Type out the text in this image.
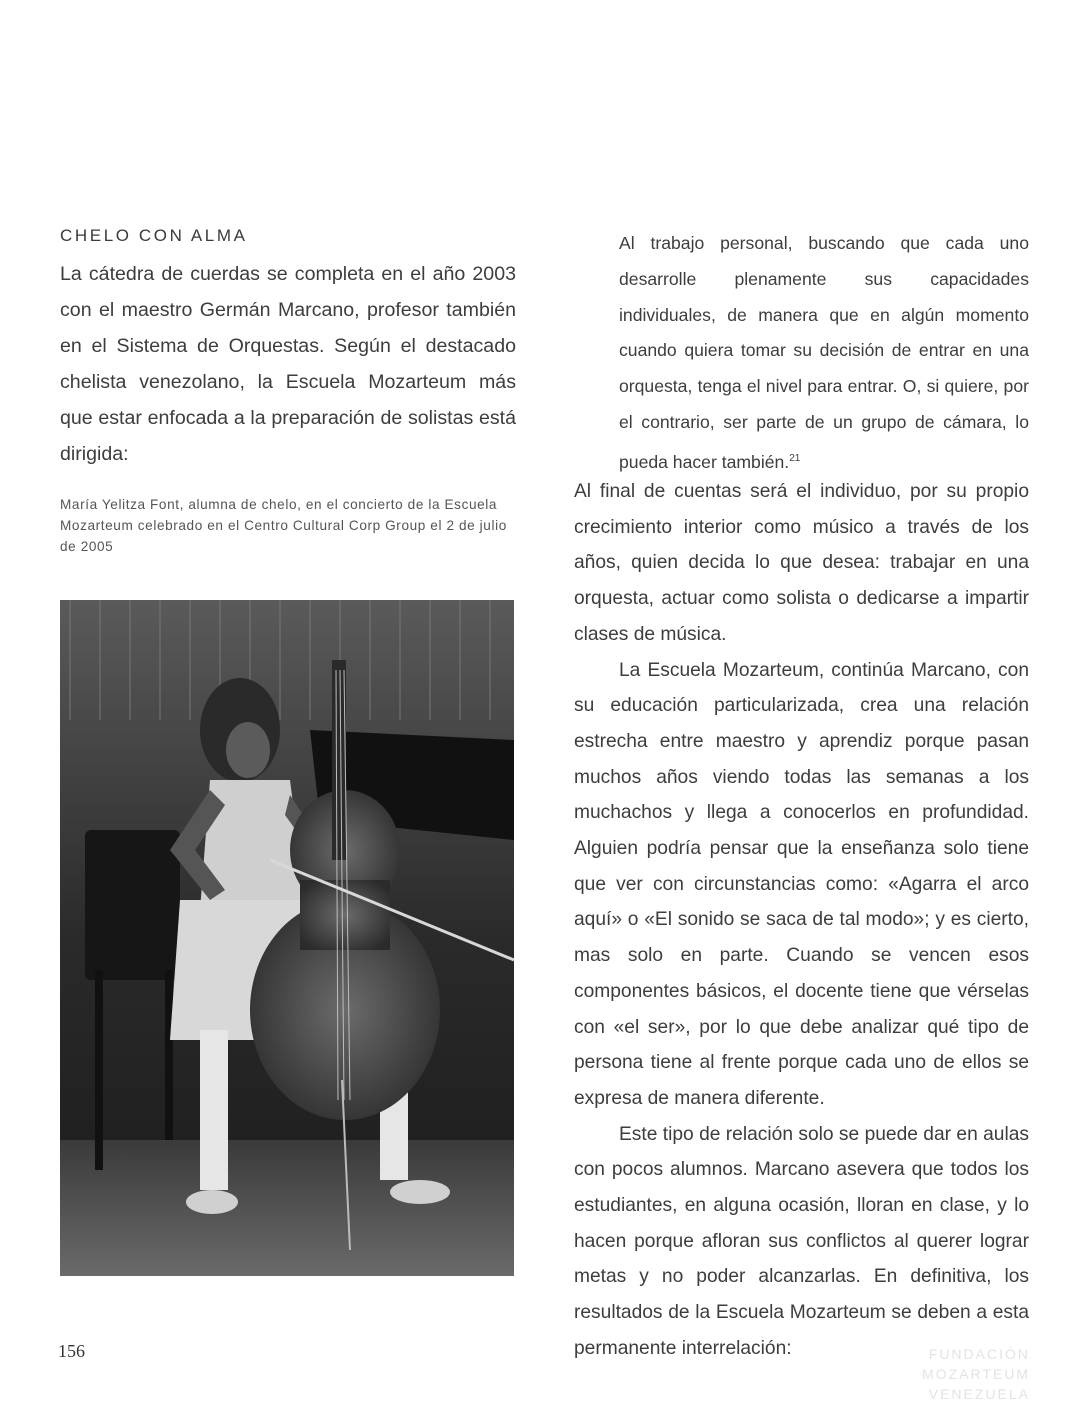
CHELO CON ALMA
La cátedra de cuerdas se completa en el año 2003 con el maestro Germán Marcano, profesor también en el Sistema de Orquestas. Según el destacado chelista venezolano, la Escuela Mozarteum más que estar enfocada a la preparación de solistas está dirigida:
Al trabajo personal, buscando que cada uno desarrolle plenamente sus capacidades individuales, de manera que en algún momento cuando quiera tomar su decisión de entrar en una orquesta, tenga el nivel para entrar. O, si quiere, por el contrario, ser parte de un grupo de cámara, lo pueda hacer también.$^{21}$
María Yelitza Font, alumna de chelo, en el concierto de la Escuela Mozarteum celebrado en el Centro Cultural Corp Group el 2 de julio de 2005

Al final de cuentas será el individuo, por su propio crecimiento interior como músico a través de los años, quien decida lo que desea: trabajar en una orquesta, actuar como solista o dedicarse a impartir clases de música.

La Escuela Mozarteum, continúa Marcano, con su educación particularizada, crea una relación estrecha entre maestro y aprendiz porque pasan muchos años viendo todas las semanas a los muchachos y llega a conocerlos en profundidad. Alguien podría pensar que la enseñanza solo tiene que ver con circunstancias como: «Agarra el arco aquí» o «El sonido se saca de tal modo»; y es cierto, mas solo en parte. Cuando se vencen esos componentes básicos, el docente tiene que vérselas con «el ser», por lo que debe analizar qué tipo de persona tiene al frente porque cada uno de ellos se expresa de manera diferente.

Este tipo de relación solo se puede dar en aulas con pocos alumnos. Marcano asevera que todos los estudiantes, en alguna ocasión, lloran en clase, y lo hacen porque afloran sus conflictos al querer lograr metas y no poder alcanzarlas. En definitiva, los resultados de la Escuela Mozarteum se deben a esta permanente interrelación:

156	FUNDACIÓN
MOZARTEUM
VENEZUELA
